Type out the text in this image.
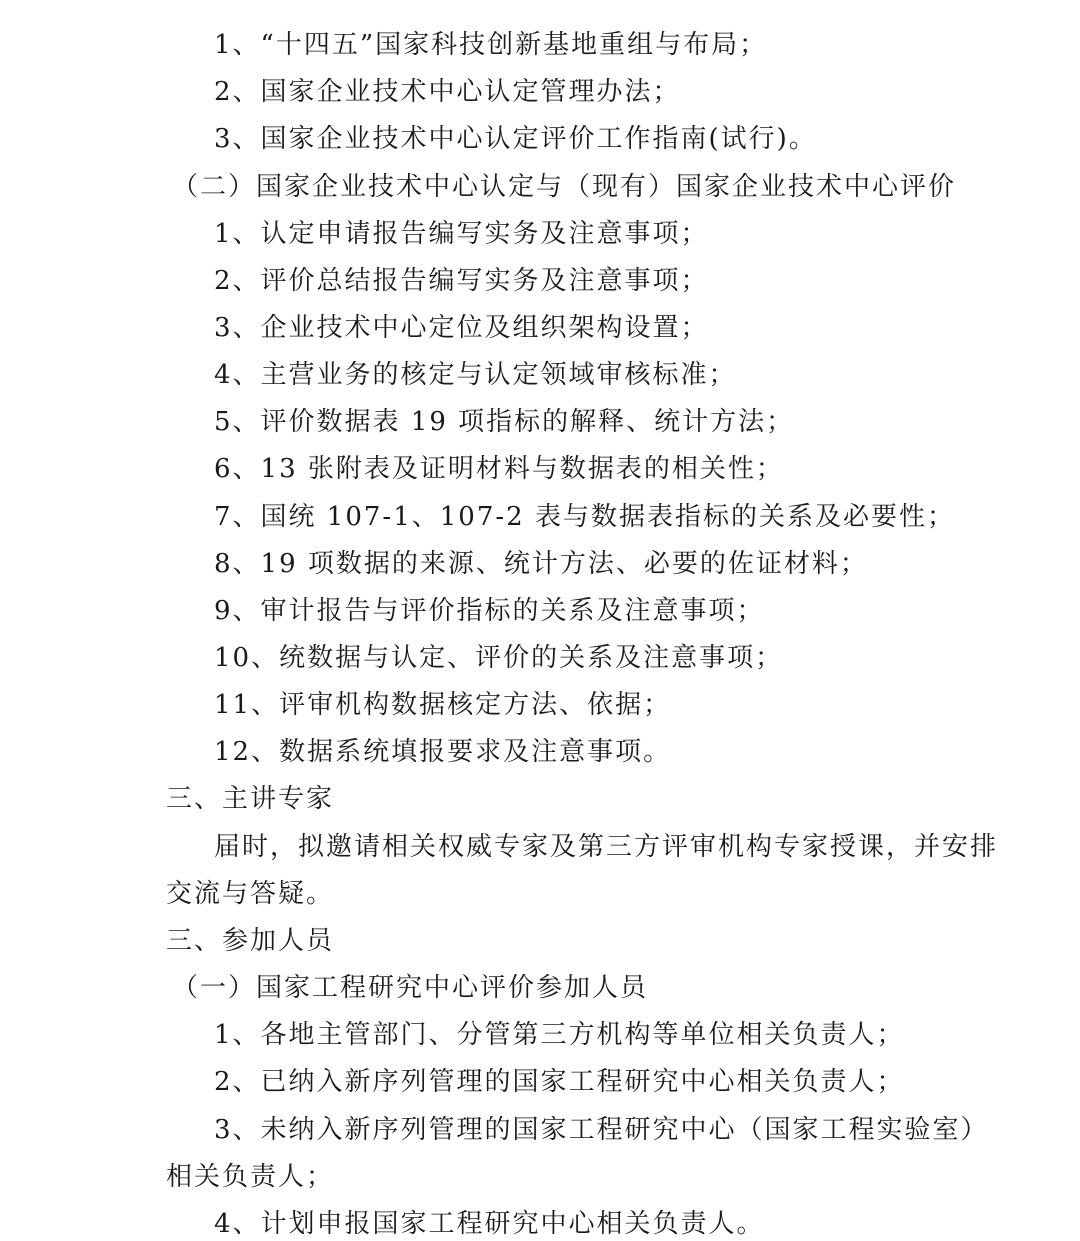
1、“十四五”国家科技创新基地重组与布局；
2、国家企业技术中心认定管理办法；
3、国家企业技术中心认定评价工作指南(试行)。
（二）国家企业技术中心认定与（现有）国家企业技术中心评价
1、认定申请报告编写实务及注意事项；
2、评价总结报告编写实务及注意事项；
3、企业技术中心定位及组织架构设置；
4、主营业务的核定与认定领域审核标准；
5、评价数据表 19 项指标的解释、统计方法；
6、13 张附表及证明材料与数据表的相关性；
7、国统 107-1、107-2 表与数据表指标的关系及必要性；
8、19 项数据的来源、统计方法、必要的佐证材料；
9、审计报告与评价指标的关系及注意事项；
10、统数据与认定、评价的关系及注意事项；
11、评审机构数据核定方法、依据；
12、数据系统填报要求及注意事项。
三、主讲专家
届时，拟邀请相关权威专家及第三方评审机构专家授课，并安排
交流与答疑。
三、参加人员
（一）国家工程研究中心评价参加人员
1、各地主管部门、分管第三方机构等单位相关负责人；
2、已纳入新序列管理的国家工程研究中心相关负责人；
3、未纳入新序列管理的国家工程研究中心（国家工程实验室）
相关负责人；
4、计划申报国家工程研究中心相关负责人。
